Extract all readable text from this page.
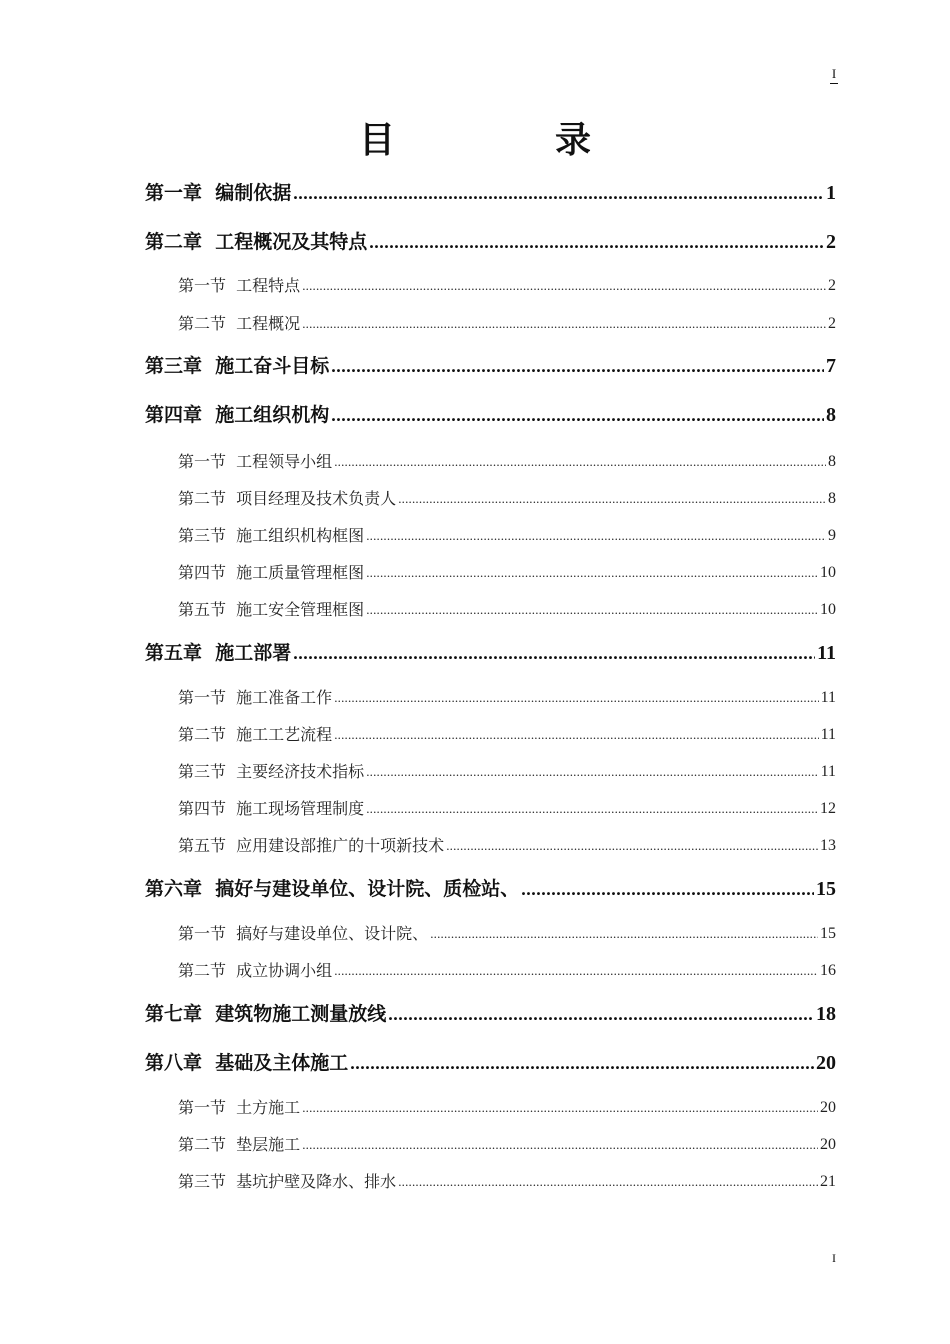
I
目　录
第一章  编制依据 .....	1
第二章  工程概况及其特点 .....	2
第一节  工程特点 .....	2
第二节  工程概况 .....	2
第三章  施工奋斗目标 .....	7
第四章  施工组织机构 .....	8
第一节  工程领导小组 .....	8
第二节  项目经理及技术负责人 .....	8
第三节  施工组织机构框图 .....	9
第四节  施工质量管理框图 .....	10
第五节  施工安全管理框图 .....	10
第五章  施工部署 .....	11
第一节  施工准备工作 .....	11
第二节  施工工艺流程 .....	11
第三节  主要经济技术指标 .....	11
第四节  施工现场管理制度 .....	12
第五节  应用建设部推广的十项新技术 .....	13
第六章  搞好与建设单位、设计院、质检站、 .....	15
第一节  搞好与建设单位、设计院、 .....	15
第二节  成立协调小组 .....	16
第七章  建筑物施工测量放线 .....	18
第八章  基础及主体施工 .....	20
第一节  土方施工 .....	20
第二节  垫层施工 .....	20
第三节  基坑护壁及降水、排水 .....	21
I
